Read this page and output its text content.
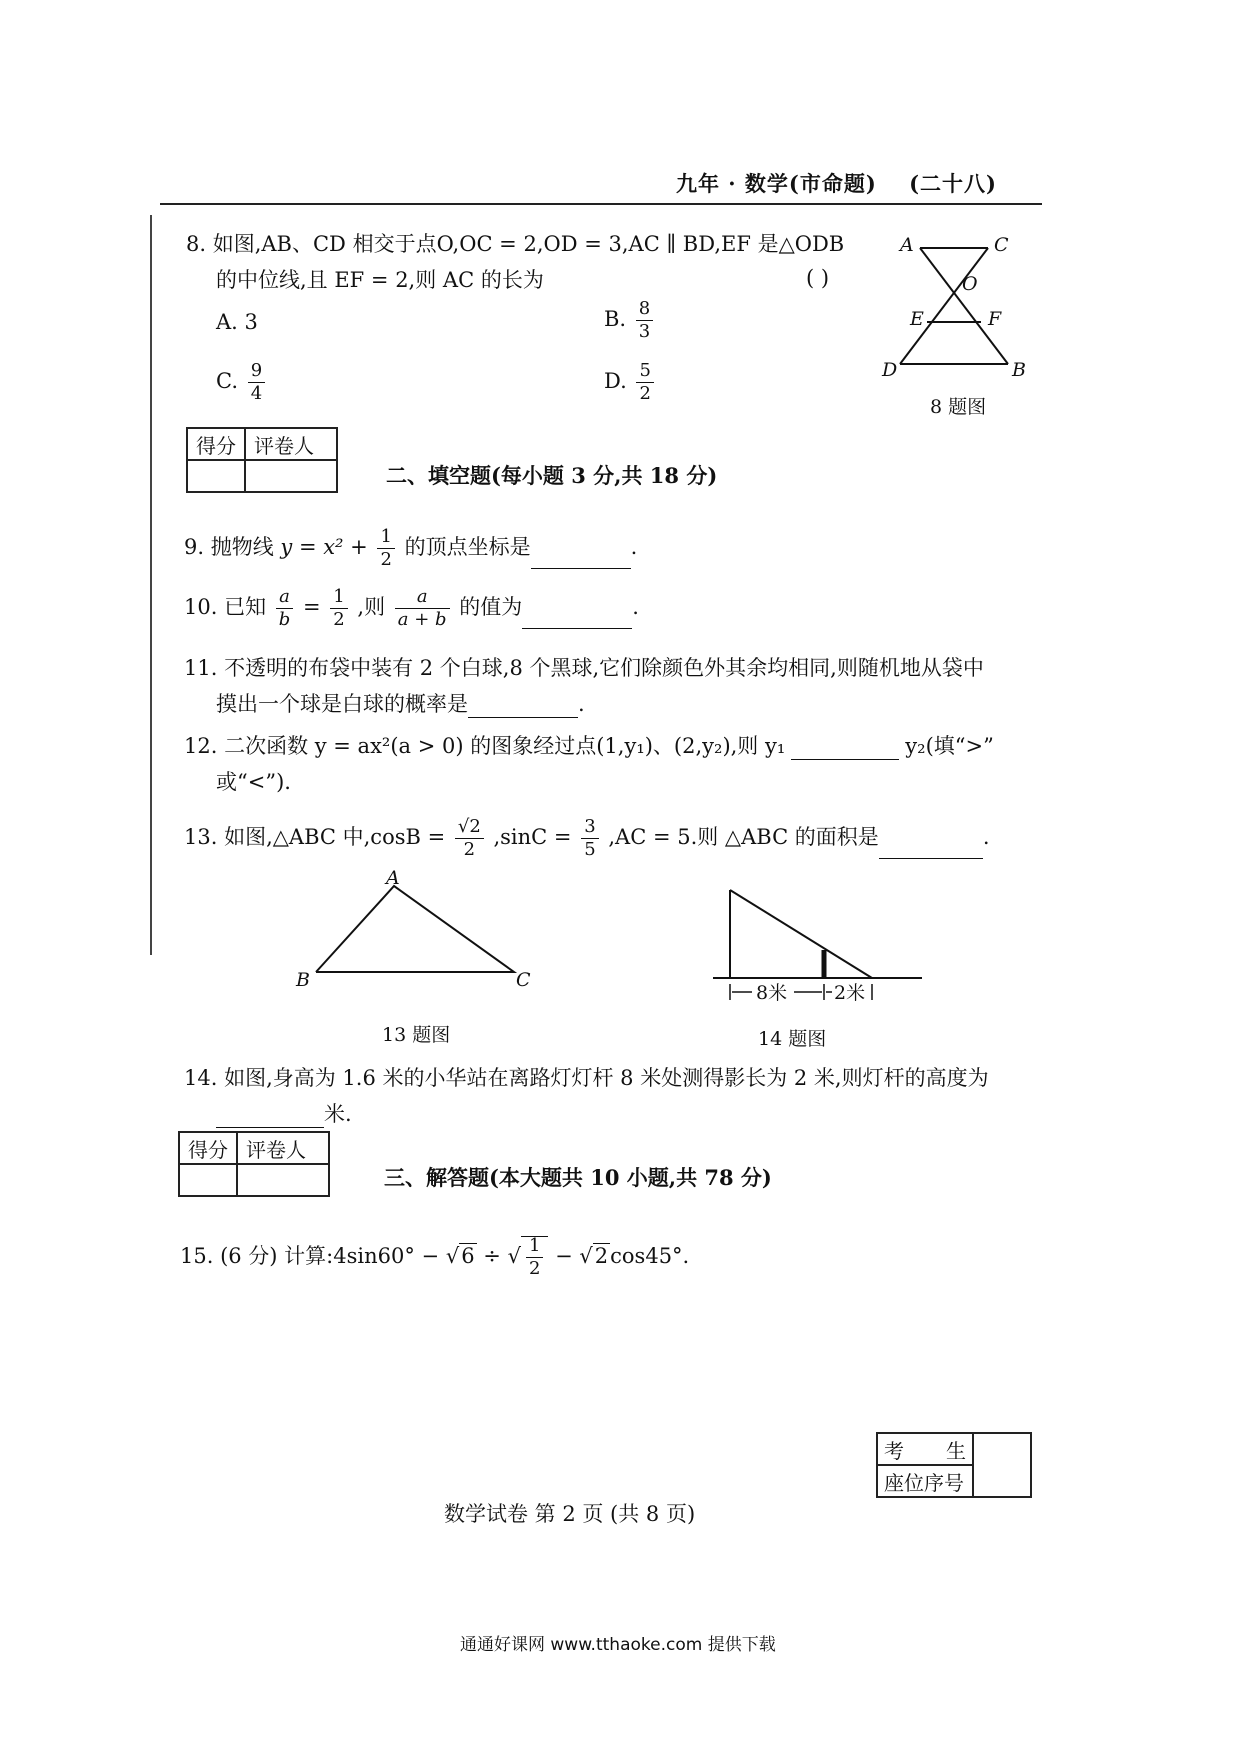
九年 · 数学(市命题) (二十八)
8. 如图,AB、CD 相交于点O,OC = 2,OD = 3,AC ∥ BD,EF 是△ODB
的中位线,且 EF = 2,则 AC 的长为	( )
A. 3	B. $\frac{8}{3}$
C. $\frac{9}{4}$	D. $\frac{5}{2}$
A	C
O
E	F
D	B
8 题图
得分	评卷人

二、填空题(每小题 3 分,共 18 分)
9. 抛物线 $y = x^2 + \frac{1}{2}$ 的顶点坐标是	.
10. 已知 $\frac{a}{b} = \frac{1}{2}$ ,则 $\frac{a}{a + b}$ 的值为	.
11. 不透明的布袋中装有 2 个白球,8 个黑球,它们除颜色外其余均相同,则随机地从袋中
摸出一个球是白球的概率是	.
12. 二次函数 y = ax²(a > 0) 的图象经过点(1,y₁)、(2,y₂),则 y₁	y₂(填“>”
或“<”).
13. 如图,△ABC 中$,\cos B = \frac{√2}{2} ,\sin C = \frac{3}{5} ,AC = 5$.则 △ABC 的面积是	.
A
B	C
13 题图
8米 2米
14 题图
14. 如图,身高为 1.6 米的小华站在离路灯灯杆 8 米处测得影长为 2 米,则灯杆的高度为
米.
得分	评卷人

三、解答题(本大题共 10 小题,共 78 分)
15. (6 分) 计算:4sin60° − √6 ÷ √ $\frac{1}{2} - √2\cos 45^\circ$.
考 生	
座位序号
数学试卷 第 2 页 (共 8 页)
通通好课网 www.tthaoke.com 提供下载
